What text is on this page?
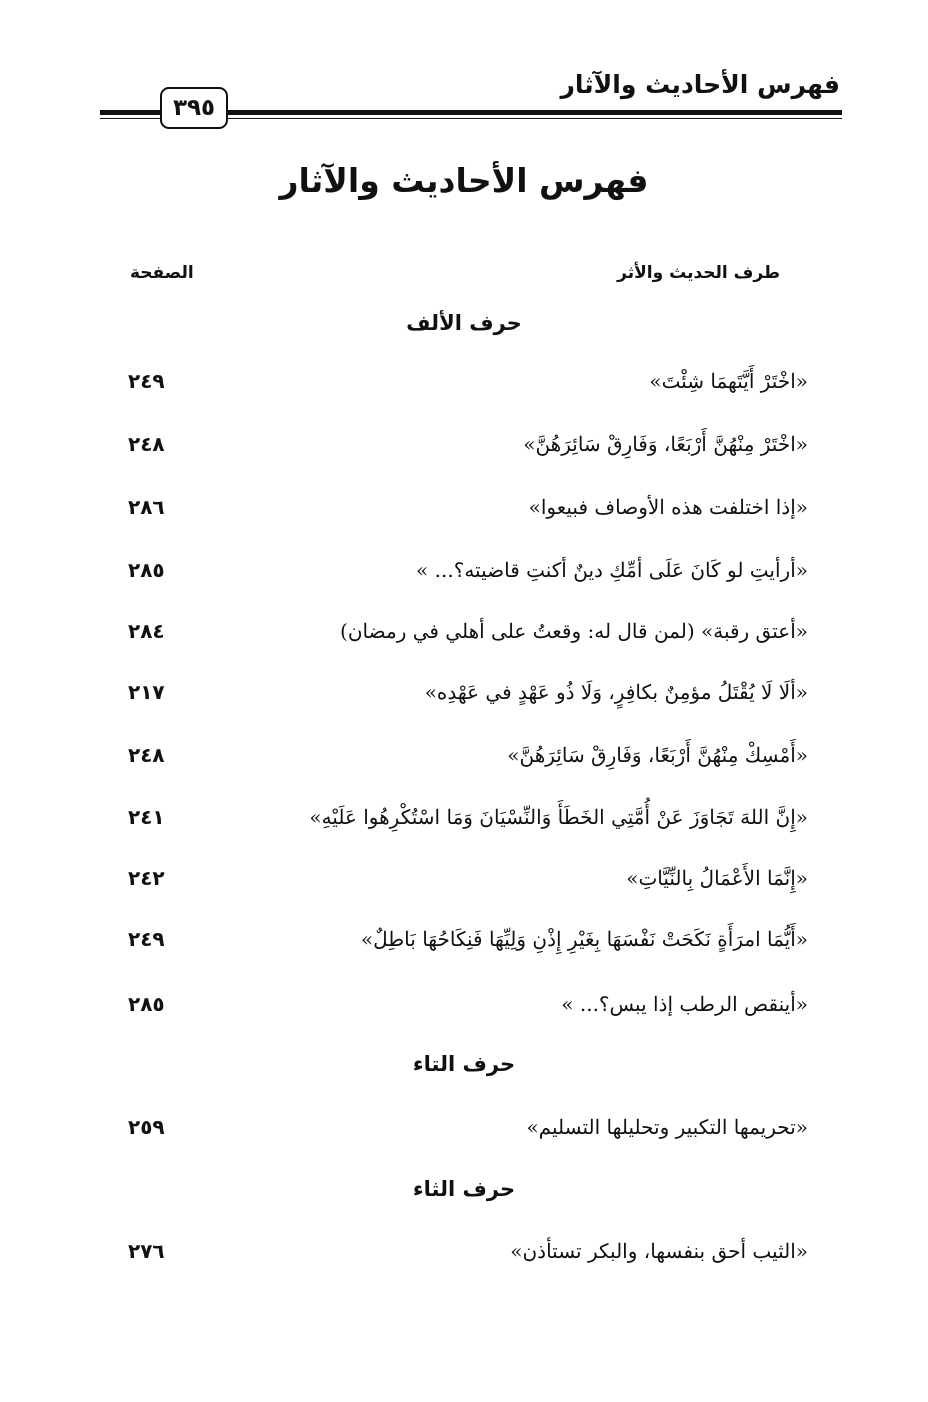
فهرس الأحاديث والآثار
٣٩٥
فهرس الأحاديث والآثار
طرف الحديث والأثر
الصفحة
حرف الألف
«اخْتَرْ أَيَّتَهمَا شِئْتَ»
٢٤٩
«اخْتَرْ مِنْهُنَّ أَرْبَعًا، وَفَارِقْ سَائِرَهُنَّ»
٢٤٨
«إذا اختلفت هذه الأوصاف فبيعوا»
٢٨٦
«أرأيتِ لو كَانَ عَلَى أمِّكِ دينٌ أكنتِ قاضيته؟... »
٢٨٥
«أعتق رقبة» (لمن قال له: وقعتُ على أهلي في رمضان)
٢٨٤
«ألَا لَا يُقْتَلُ مؤمِنٌ بكافِرٍ، وَلَا ذُو عَهْدٍ في عَهْدِه»
٢١٧
«أَمْسِكْ مِنْهُنَّ أَرْبَعًا، وَفَارِقْ سَائِرَهُنَّ»
٢٤٨
«إِنَّ اللهَ تَجَاوَزَ عَنْ أُمَّتِي الخَطَأَ وَالنِّسْيَانَ وَمَا اسْتُكْرِهُوا عَلَيْهِ»
٢٤١
«إِنَّمَا الأَعْمَالُ بِالنِّيَّاتِ»
٢٤٢
«أَيُّمَا امرَأَةٍ نَكَحَتْ نَفْسَهَا بِغَيْرِ إِذْنِ وَلِيِّهَا فَنِكَاحُهَا بَاطِلٌ»
٢٤٩
«أينقص الرطب إذا يبس؟... »
٢٨٥
حرف التاء
«تحريمها التكبير وتحليلها التسليم»
٢٥٩
حرف الثاء
«الثيب أحق بنفسها، والبكر تستأذن»
٢٧٦
